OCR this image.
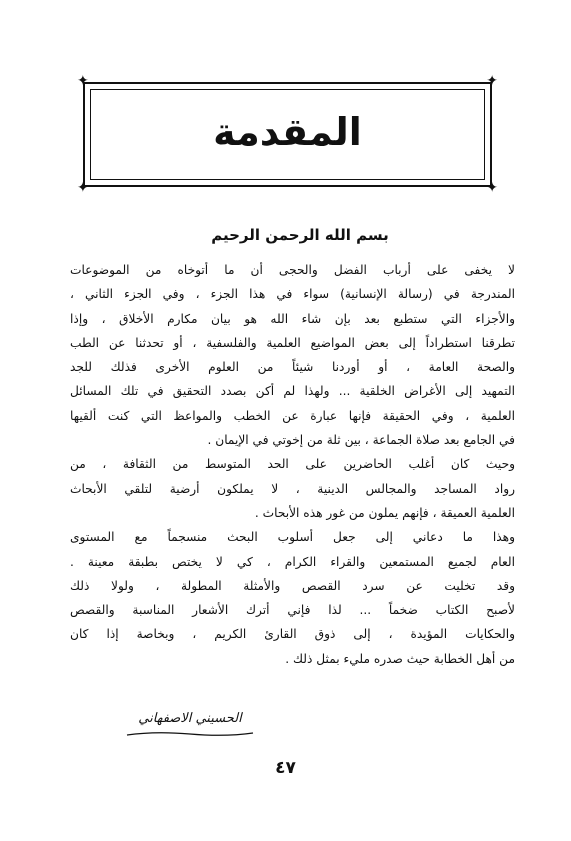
✦	✦
✦	✦
المقدمة
بسم الله الرحمن الرحيم
لا يخفى على أرباب الفضل والحجى أن ما أتوخاه من الموضوعات
المندرجة في (رسالة الإنسانية) سواء في هذا الجزء ، وفي الجزء الثاني ،
والأجزاء التي ستطبع بعد بإن شاء الله هو بيان مكارم الأخلاق ، وإذا
تطرقنا استطراداً إلى بعض المواضيع العلمية والفلسفية ، أو تحدثنا عن الطب
والصحة العامة ، أو أوردنا شيئاً من العلوم الأخرى فذلك للجد
التمهيد إلى الأغراض الخلقية ... ولهذا لم أكن بصدد التحقيق في تلك المسائل
العلمية ، وفي الحقيقة فإنها عبارة عن الخطب والمواعظ التي كنت ألقيها
في الجامع بعد صلاة الجماعة ، بين ثلة من إخوتي في الإيمان .
وحيث كان أغلب الحاضرين على الحد المتوسط من الثقافة ، من
رواد المساجد والمجالس الدينية ، لا يملكون أرضية لتلقي الأبحاث
العلمية العميقة ، فإنهم يملون من غور هذه الأبحاث .
وهذا ما دعاني إلى جعل أسلوب البحث منسجماً مع المستوى
العام لجميع المستمعين والقراء الكرام ، كي لا يختص بطبقة معينة .
وقد تخليت عن سرد القصص والأمثلة المطولة ، ولولا ذلك
لأصبح الكتاب ضخماً ... لذا فإني أترك الأشعار المناسبة والقصص
والحكايات المؤيدة ، إلى ذوق القارئ الكريم ، وبخاصة إذا كان
من أهل الخطابة حيث صدره مليء بمثل ذلك .
الحسيني الاصفهاني
٤٧
